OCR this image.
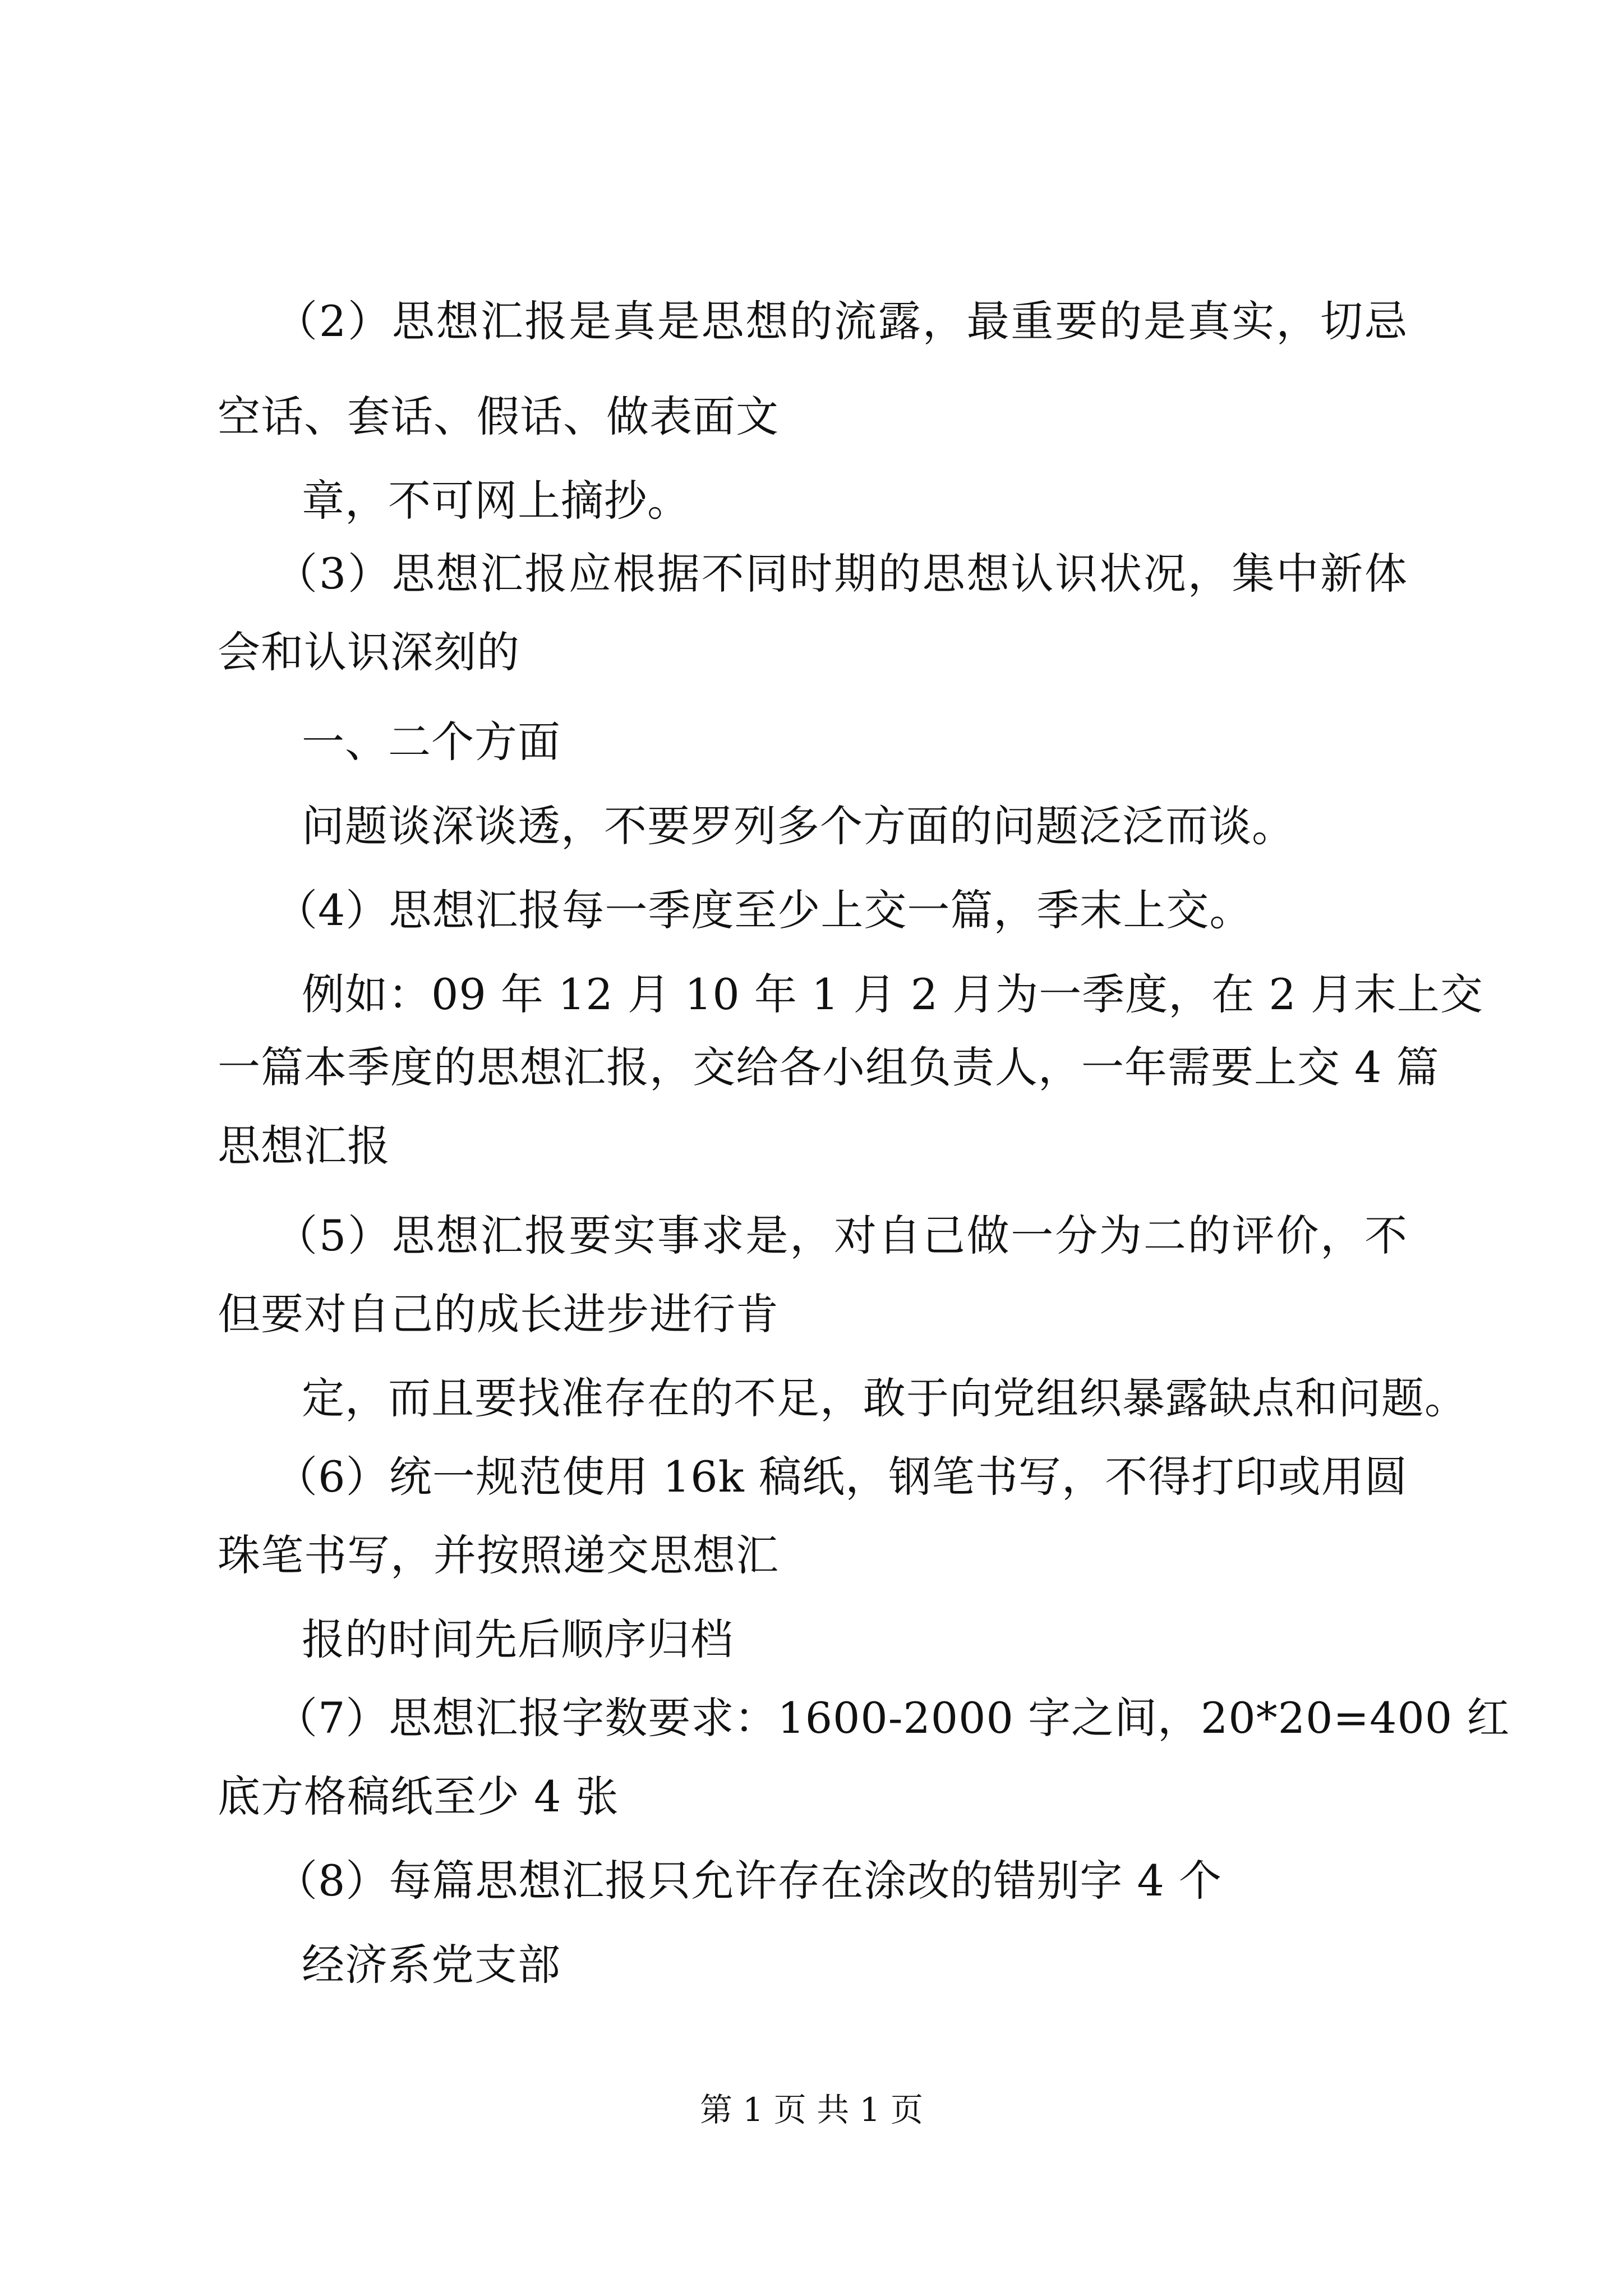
（2）思想汇报是真是思想的流露，最重要的是真实，切忌
空话、套话、假话、做表面文
章，不可网上摘抄。
（3）思想汇报应根据不同时期的思想认识状况，集中新体
会和认识深刻的
一、二个方面
问题谈深谈透，不要罗列多个方面的问题泛泛而谈。
（4）思想汇报每一季度至少上交一篇，季末上交。
例如：09 年 12 月 10 年 1 月 2 月为一季度，在 2 月末上交
一篇本季度的思想汇报，交给各小组负责人，一年需要上交 4 篇
思想汇报
（5）思想汇报要实事求是，对自己做一分为二的评价，不
但要对自己的成长进步进行肯
定，而且要找准存在的不足，敢于向党组织暴露缺点和问题。
（6）统一规范使用 16k 稿纸，钢笔书写，不得打印或用圆
珠笔书写，并按照递交思想汇
报的时间先后顺序归档
（7）思想汇报字数要求：1600-2000 字之间，20*20=400 红
底方格稿纸至少 4 张
（8）每篇思想汇报只允许存在涂改的错别字 4 个
经济系党支部
第 1 页 共 1 页
